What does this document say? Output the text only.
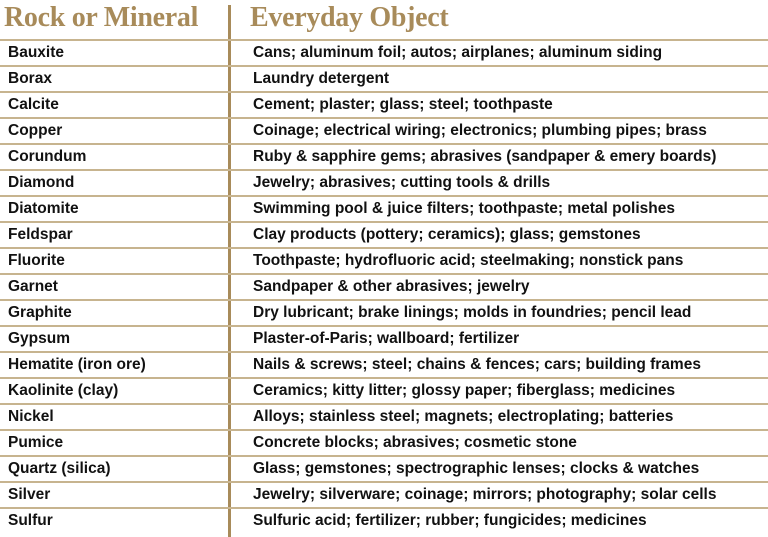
Rock or Mineral Everyday Object
Bauxite	Cans; aluminum foil; autos; airplanes; aluminum siding
Borax	Laundry detergent
Calcite	Cement; plaster; glass; steel; toothpaste
Copper	Coinage; electrical wiring; electronics; plumbing pipes; brass
Corundum	Ruby & sapphire gems; abrasives (sandpaper & emery boards)
Diamond	Jewelry; abrasives; cutting tools & drills
Diatomite	Swimming pool & juice filters; toothpaste; metal polishes
Feldspar	Clay products (pottery; ceramics); glass; gemstones
Fluorite	Toothpaste; hydrofluoric acid; steelmaking; nonstick pans
Garnet	Sandpaper & other abrasives; jewelry
Graphite	Dry lubricant; brake linings; molds in foundries; pencil lead
Gypsum	Plaster-of-Paris; wallboard; fertilizer
Hematite (iron ore)	Nails & screws; steel; chains & fences; cars; building frames
Kaolinite (clay)	Ceramics; kitty litter; glossy paper; fiberglass; medicines
Nickel	Alloys; stainless steel; magnets; electroplating; batteries
Pumice	Concrete blocks; abrasives; cosmetic stone
Quartz (silica)	Glass; gemstones; spectrographic lenses; clocks & watches
Silver	Jewelry; silverware; coinage; mirrors; photography; solar cells
Sulfur	Sulfuric acid; fertilizer; rubber; fungicides; medicines
